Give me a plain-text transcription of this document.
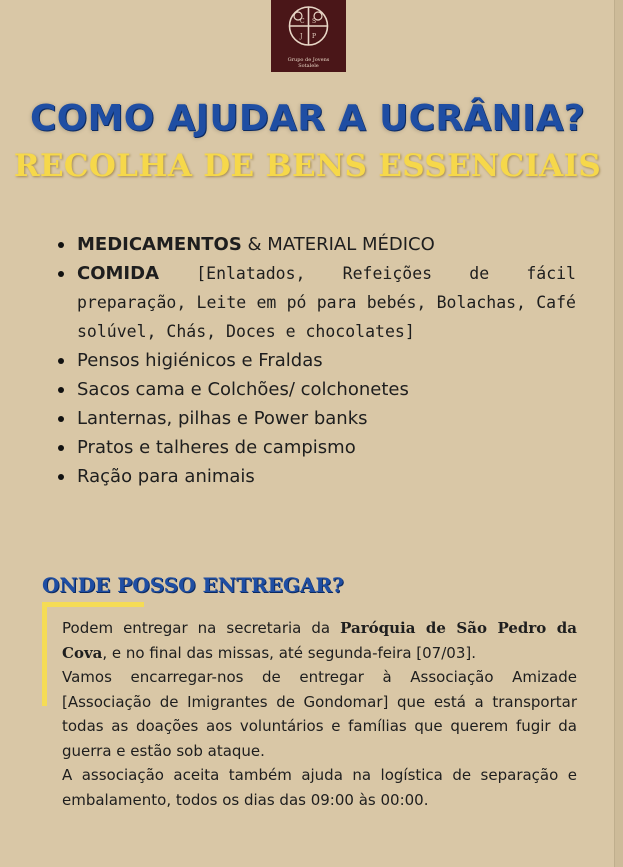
J
S
P
C
Grupo de Jovens
Sotalele
COMO AJUDAR A UCRÂNIA?
RECOLHA DE BENS ESSENCIAIS
MEDICAMENTOS & MATERIAL MÉDICO
COMIDA [Enlatados, Refeições de fácil preparação, Leite em pó para bebés, Bolachas, Café solúvel, Chás, Doces e chocolates]
Pensos higiénicos e Fraldas
Sacos cama e Colchões/ colchonetes
Lanternas, pilhas e Power banks
Pratos e talheres de campismo
Ração para animais
ONDE POSSO ENTREGAR?

Podem entregar na secretaria da Paróquia de São Pedro da Cova, e no final das missas, até segunda-feira [07/03].

Vamos encarregar-nos de entregar à Associação Amizade [Associação de Imigrantes de Gondomar] que está a transportar todas as doações aos voluntários e famílias que querem fugir da guerra e estão sob ataque.

A associação aceita também ajuda na logística de separação e embalamento, todos os dias das 09:00 às 00:00.
